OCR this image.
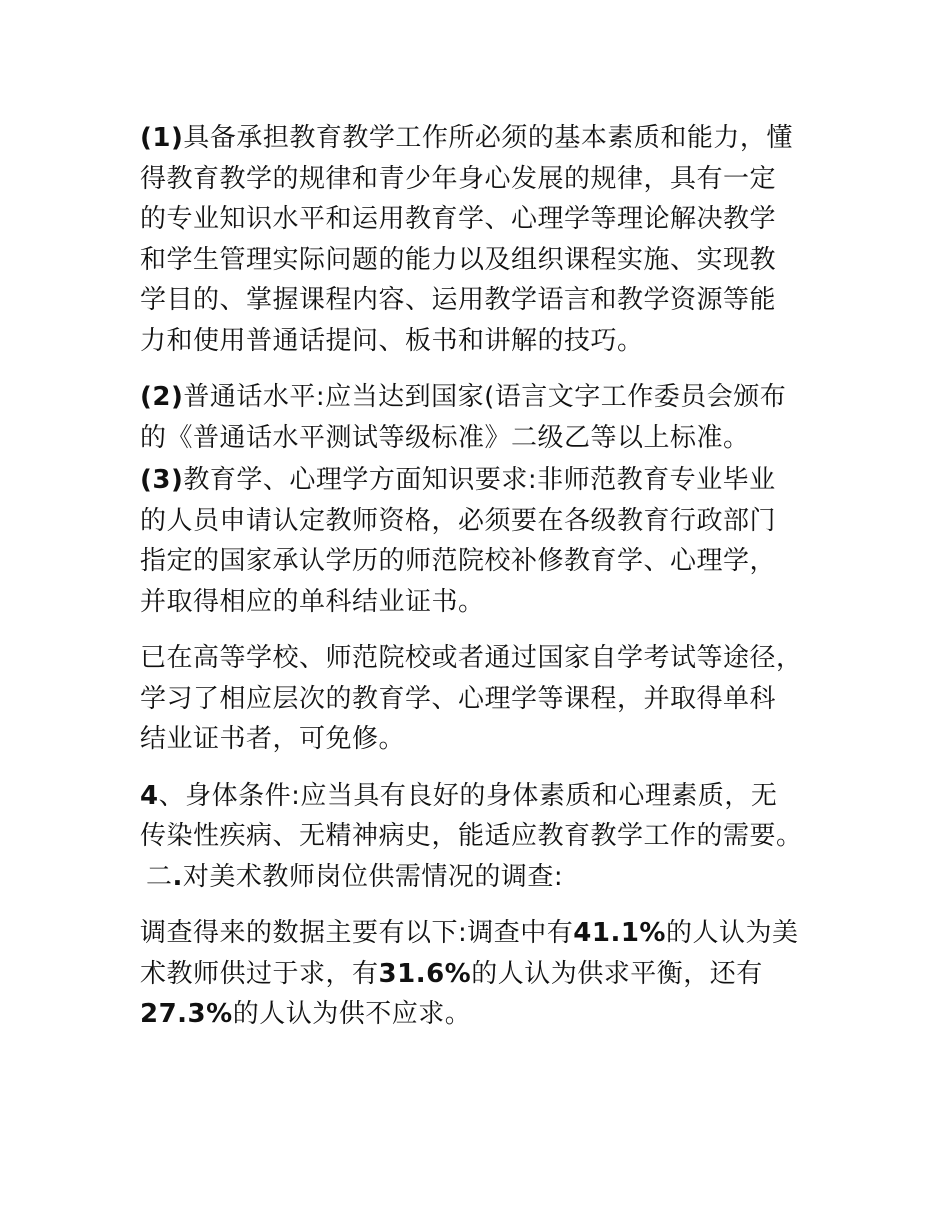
(1)具备承担教育教学工作所必须的基本素质和能力，懂
得教育教学的规律和青少年身心发展的规律，具有一定
的专业知识水平和运用教育学、心理学等理论解决教学
和学生管理实际问题的能力以及组织课程实施、实现教
学目的、掌握课程内容、运用教学语言和教学资源等能
力和使用普通话提问、板书和讲解的技巧。
(2)普通话水平:应当达到国家(语言文字工作委员会颁布
的《普通话水平测试等级标准》二级乙等以上标准。
(3)教育学、心理学方面知识要求:非师范教育专业毕业
的人员申请认定教师资格，必须要在各级教育行政部门
指定的国家承认学历的师范院校补修教育学、心理学，
并取得相应的单科结业证书。
已在高等学校、师范院校或者通过国家自学考试等途径，
学习了相应层次的教育学、心理学等课程，并取得单科
结业证书者，可免修。
4、身体条件:应当具有良好的身体素质和心理素质，无
传染性疾病、无精神病史，能适应教育教学工作的需要。
二.对美术教师岗位供需情况的调查:
调查得来的数据主要有以下:调查中有41.1%的人认为美
术教师供过于求，有31.6%的人认为供求平衡，还有
27.3%的人认为供不应求。
